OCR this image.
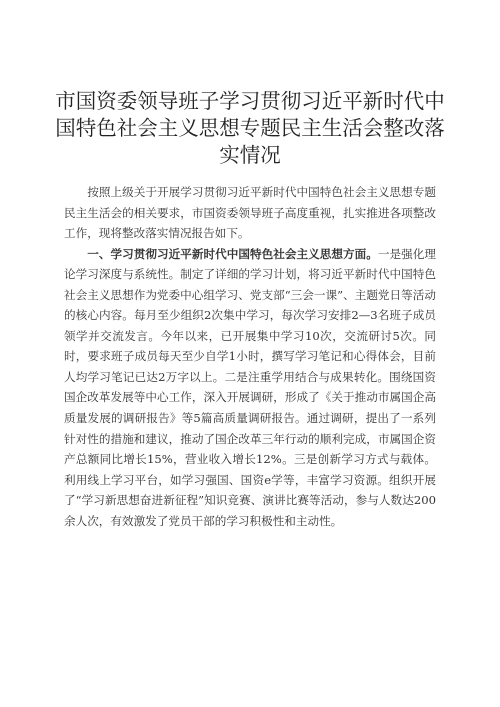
市国资委领导班子学习贯彻习近平新时代中国特色社会主义思想专题民主生活会整改落实情况

按照上级关于开展学习贯彻习近平新时代中国特色社会主义思想专题民主生活会的相关要求，市国资委领导班子高度重视，扎实推进各项整改工作，现将整改落实情况报告如下。

一、学习贯彻习近平新时代中国特色社会主义思想方面。一是强化理论学习深度与系统性。制定了详细的学习计划，将习近平新时代中国特色社会主义思想作为党委中心组学习、党支部“三会一课”、主题党日等活动的核心内容。每月至少组织2次集中学习，每次学习安排2—3名班子成员领学并交流发言。今年以来，已开展集中学习10次，交流研讨5次。同时，要求班子成员每天至少自学1小时，撰写学习笔记和心得体会，目前人均学习笔记已达2万字以上。二是注重学用结合与成果转化。围绕国资国企改革发展等中心工作，深入开展调研，形成了《关于推动市属国企高质量发展的调研报告》等5篇高质量调研报告。通过调研，提出了一系列针对性的措施和建议，推动了国企改革三年行动的顺利完成，市属国企资产总额同比增长15%，营业收入增长12%。三是创新学习方式与载体。利用线上学习平台，如学习强国、国资e学等，丰富学习资源。组织开展了“学习新思想奋进新征程”知识竞赛、演讲比赛等活动，参与人数达200余人次，有效激发了党员干部的学习积极性和主动性。
